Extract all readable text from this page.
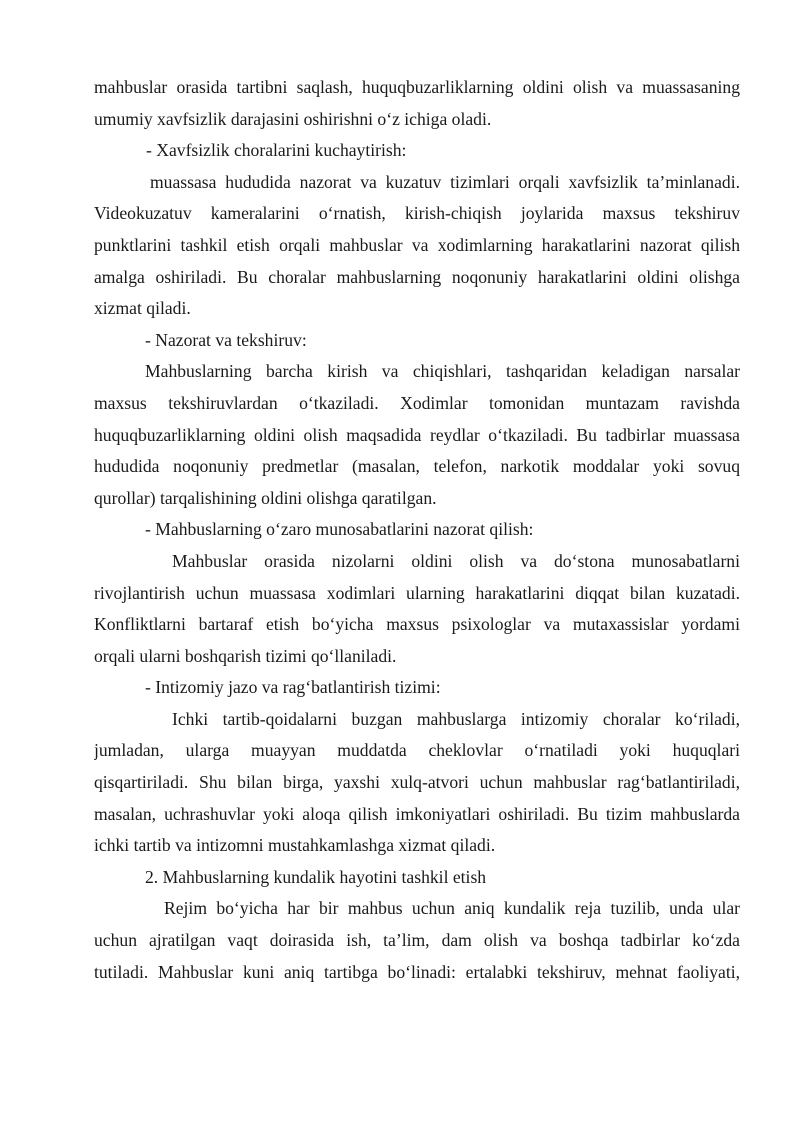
mahbuslar orasida tartibni saqlash, huquqbuzarliklarning oldini olish va muassasaning
umumiy xavfsizlik darajasini oshirishni o‘z ichiga oladi.
- Xavfsizlik choralarini kuchaytirish:
muassasa hududida nazorat va kuzatuv tizimlari orqali xavfsizlik ta’minlanadi.
Videokuzatuv kameralarini o‘rnatish, kirish-chiqish joylarida maxsus tekshiruv
punktlarini tashkil etish orqali mahbuslar va xodimlarning harakatlarini nazorat qilish
amalga oshiriladi. Bu choralar mahbuslarning noqonuniy harakatlarini oldini olishga
xizmat qiladi.
- Nazorat va tekshiruv:
Mahbuslarning barcha kirish va chiqishlari, tashqaridan keladigan narsalar
maxsus tekshiruvlardan o‘tkaziladi. Xodimlar tomonidan muntazam ravishda
huquqbuzarliklarning oldini olish maqsadida reydlar o‘tkaziladi. Bu tadbirlar muassasa
hududida noqonuniy predmetlar (masalan, telefon, narkotik moddalar yoki sovuq
qurollar) tarqalishining oldini olishga qaratilgan.
- Mahbuslarning o‘zaro munosabatlarini nazorat qilish:
Mahbuslar orasida nizolarni oldini olish va do‘stona munosabatlarni
rivojlantirish uchun muassasa xodimlari ularning harakatlarini diqqat bilan kuzatadi.
Konfliktlarni bartaraf etish bo‘yicha maxsus psixologlar va mutaxassislar yordami
orqali ularni boshqarish tizimi qo‘llaniladi.
- Intizomiy jazo va rag‘batlantirish tizimi:
Ichki tartib-qoidalarni buzgan mahbuslarga intizomiy choralar ko‘riladi,
jumladan, ularga muayyan muddatda cheklovlar o‘rnatiladi yoki huquqlari
qisqartiriladi. Shu bilan birga, yaxshi xulq-atvori uchun mahbuslar rag‘batlantiriladi,
masalan, uchrashuvlar yoki aloqa qilish imkoniyatlari oshiriladi. Bu tizim mahbuslarda
ichki tartib va intizomni mustahkamlashga xizmat qiladi.
2. Mahbuslarning kundalik hayotini tashkil etish
Rejim bo‘yicha har bir mahbus uchun aniq kundalik reja tuzilib, unda ular
uchun ajratilgan vaqt doirasida ish, ta’lim, dam olish va boshqa tadbirlar ko‘zda
tutiladi. Mahbuslar kuni aniq tartibga bo‘linadi: ertalabki tekshiruv, mehnat faoliyati,
